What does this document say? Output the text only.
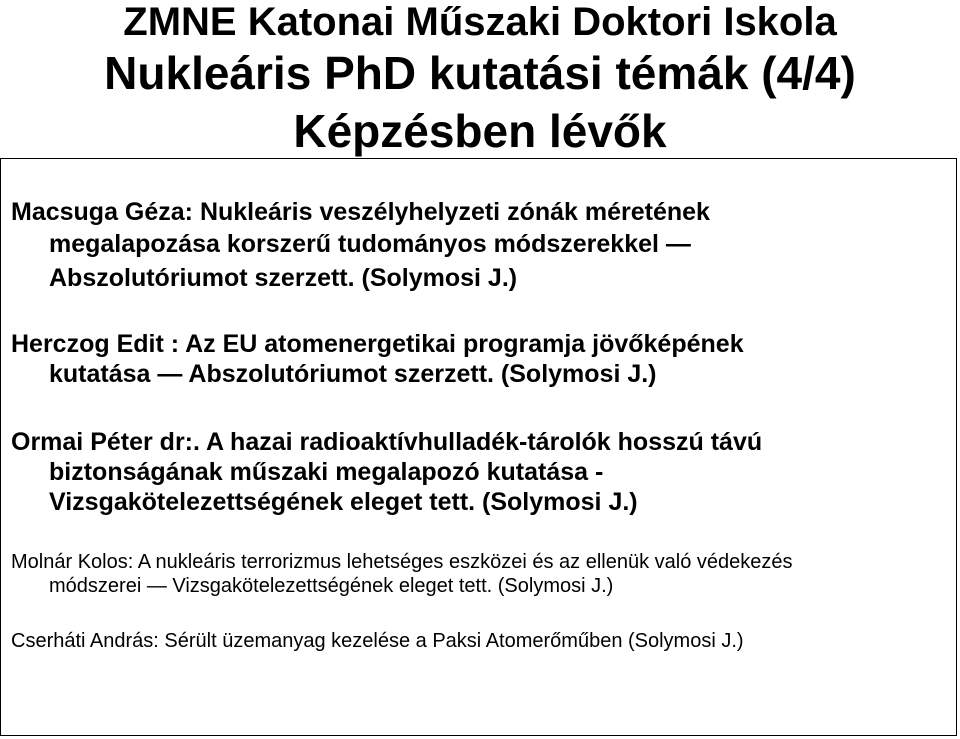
ZMNE Katonai Műszaki Doktori Iskola
Nukleáris PhD kutatási témák (4/4)
Képzésben lévők

Macsuga Géza: Nukleáris veszélyhelyzeti zónák méretének
megalapozása korszerű tudományos módszerekkel —
Abszolutóriumot szerzett. (Solymosi J.)

Herczog Edit : Az EU atomenergetikai programja jövőképének
kutatása — Abszolutóriumot szerzett. (Solymosi J.)

Ormai Péter dr:. A hazai radioaktívhulladék-tárolók hosszú távú
biztonságának műszaki megalapozó kutatása -
Vizsgakötelezettségének eleget tett. (Solymosi J.)

Molnár Kolos: A nukleáris terrorizmus lehetséges eszközei és az ellenük való védekezés
módszerei — Vizsgakötelezettségének eleget tett. (Solymosi J.)

Cserháti András: Sérült üzemanyag kezelése a Paksi Atomerőműben (Solymosi J.)
